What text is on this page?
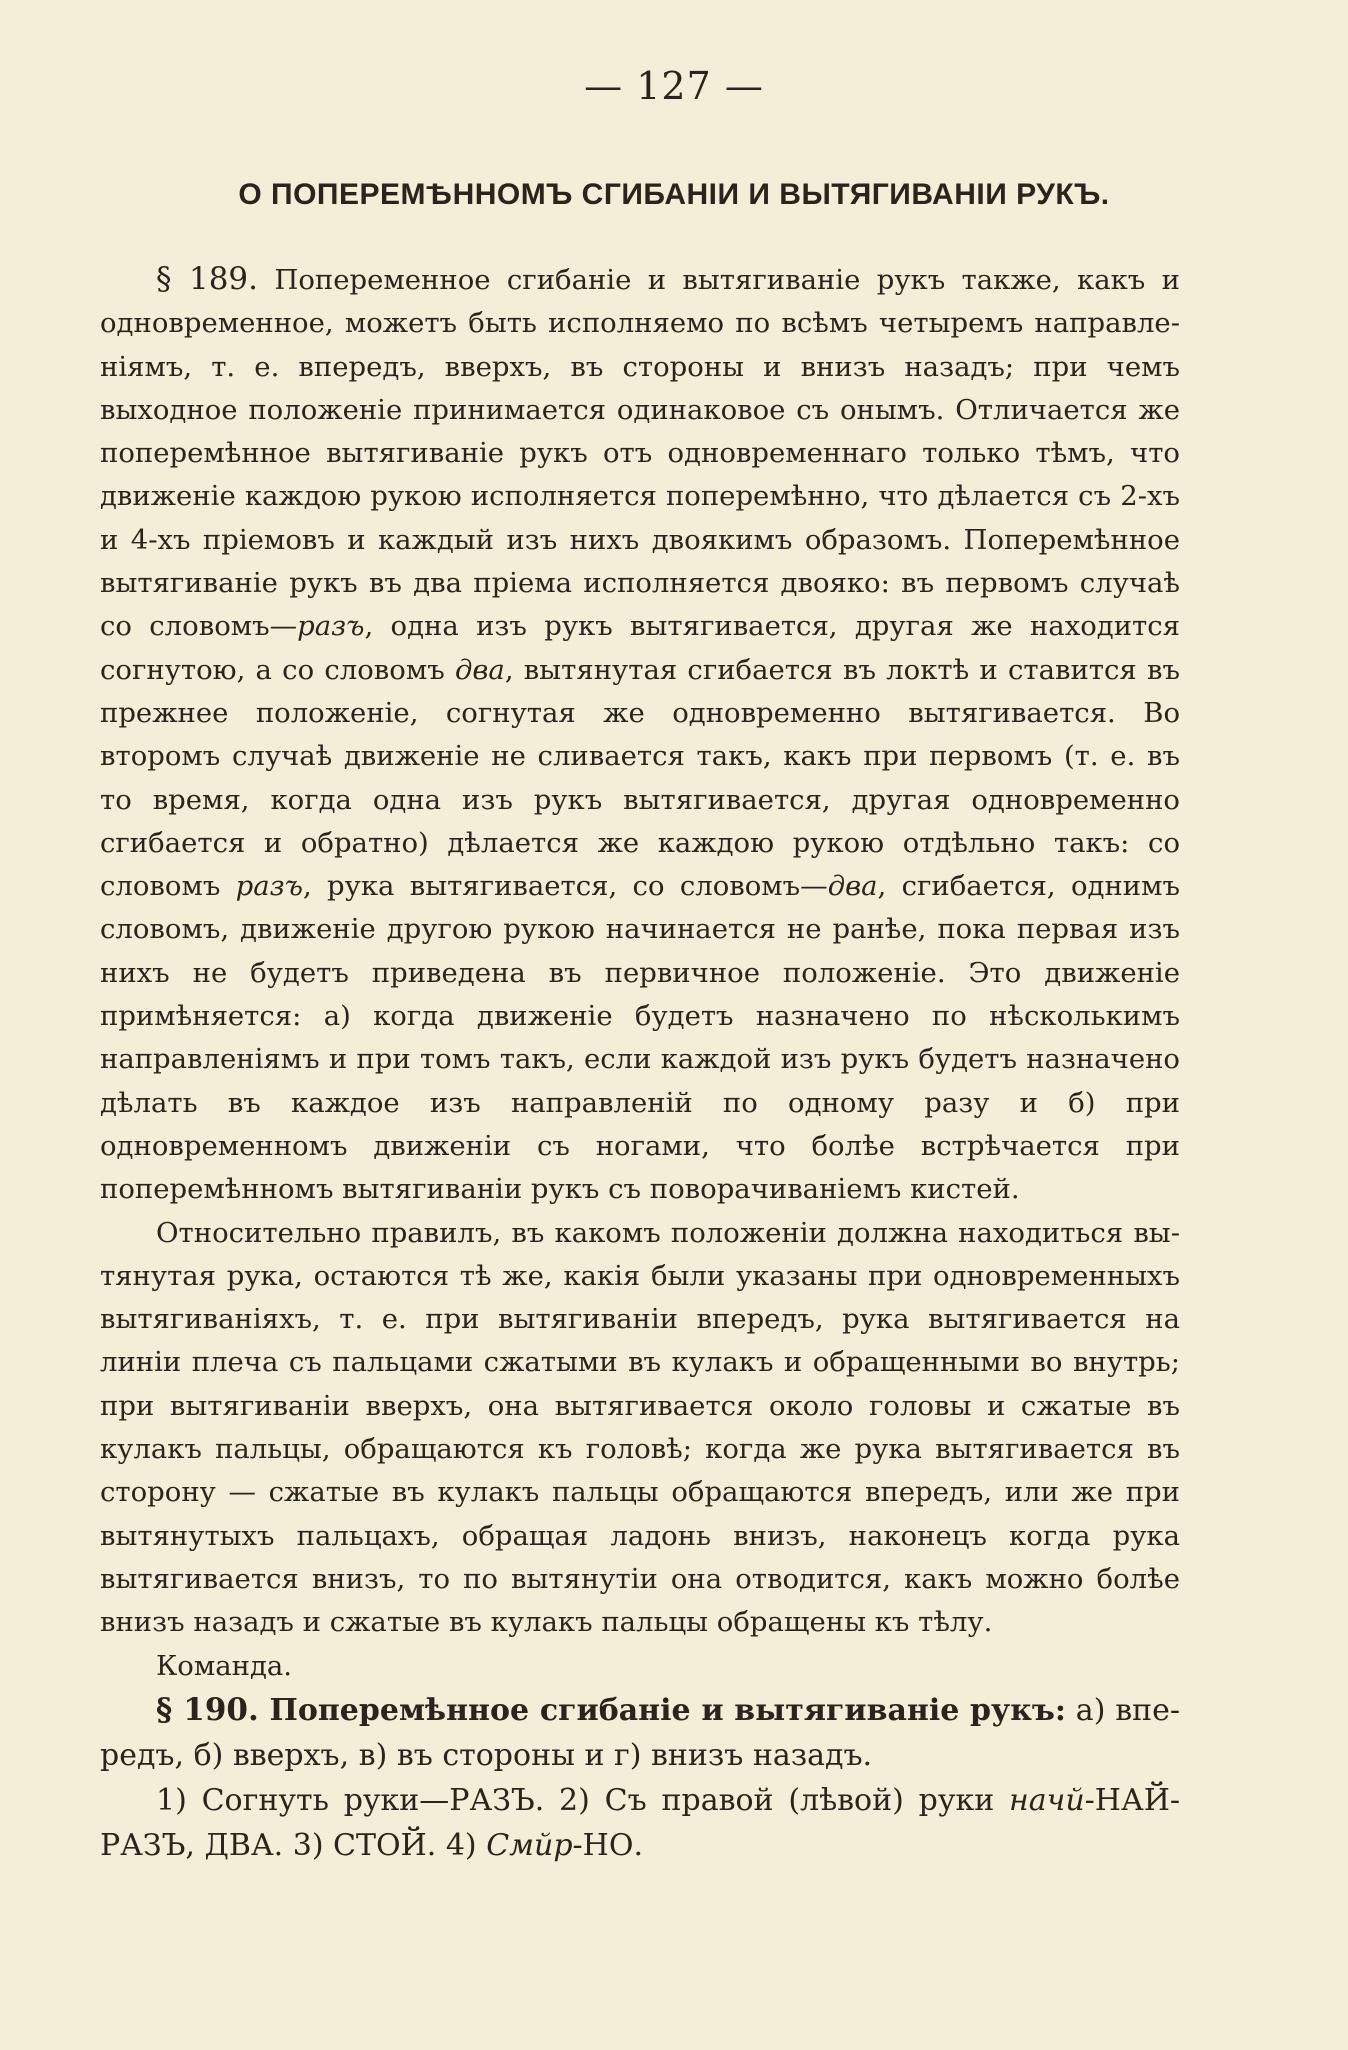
— 127 —
О ПОПЕРЕМѢННОМЪ СГИБАНІИ И ВЫТЯГИВАНІИ РУКЪ.

§ 189. Попеременное сгибаніе и вытягиваніе рукъ также, какъ и одновременное, можетъ быть исполняемо по всѣмъ четыремъ направленіямъ, т. е. впередъ, вверхъ, въ стороны и внизъ назадъ; при чемъ выходное положеніе принимается одинаковое съ онымъ. Отличается же поперемѣнное вытягиваніе рукъ отъ одновременнаго только тѣмъ, что движеніе каждою рукою исполняется поперемѣнно, что дѣлается съ 2-хъ и 4-хъ пріемовъ и каждый изъ нихъ двоякимъ образомъ. Поперемѣнное вытягиваніе рукъ въ два пріема исполняется двояко: въ первомъ случаѣ со словомъ—разъ, одна изъ рукъ вытягивается, другая же находится согнутою, а со словомъ два, вытянутая сгибается въ локтѣ и ставится въ прежнее положеніе, согнутая же одновременно вытягивается. Во второмъ случаѣ движеніе не сливается такъ, какъ при первомъ (т. е. въ то время, когда одна изъ рукъ вытягивается, другая одновременно сгибается и обратно) дѣлается же каждою рукою отдѣльно такъ: со словомъ разъ, рука вытягивается, со словомъ—два, сгибается, однимъ словомъ, движеніе другою рукою начинается не ранѣе, пока первая изъ нихъ не будетъ приведена въ первичное положеніе. Это движеніе примѣняется: а) когда движеніе будетъ назначено по нѣсколькимъ направленіямъ и при томъ такъ, если каждой изъ рукъ будетъ назначено дѣлать въ каждое изъ направленій по одному разу и б) при одновременномъ движеніи съ ногами, что болѣе встрѣчается при поперемѣнномъ вытягиваніи рукъ съ поворачиваніемъ кистей.

Относительно правилъ, въ какомъ положеніи должна находиться вытянутая рука, остаются тѣ же, какія были указаны при одновременныхъ вытягиваніяхъ, т. е. при вытягиваніи впередъ, рука вытягивается на линіи плеча съ пальцами сжатыми въ кулакъ и обращенными во внутрь; при вытягиваніи вверхъ, она вытягивается около головы и сжатые въ кулакъ пальцы, обращаются къ головѣ; когда же рука вытягивается въ сторону — сжатые въ кулакъ пальцы обращаются впередъ, или же при вытянутыхъ пальцахъ, обращая ладонь внизъ, наконецъ когда рука вытягивается внизъ, то по вытянутіи она отводится, какъ можно болѣе внизъ назадъ и сжатые въ кулакъ пальцы обращены къ тѣлу.

Команда.

§ 190. Поперемѣнное сгибаніе и вытягиваніе рукъ: а) впередъ, б) вверхъ, в) въ стороны и г) внизъ назадъ.

1) Согнуть руки—РАЗЪ. 2) Съ правой (лѣвой) руки начй-НАЙРАЗЪ, ДВА. 3) СТОЙ. 4) Смйр-НО.
